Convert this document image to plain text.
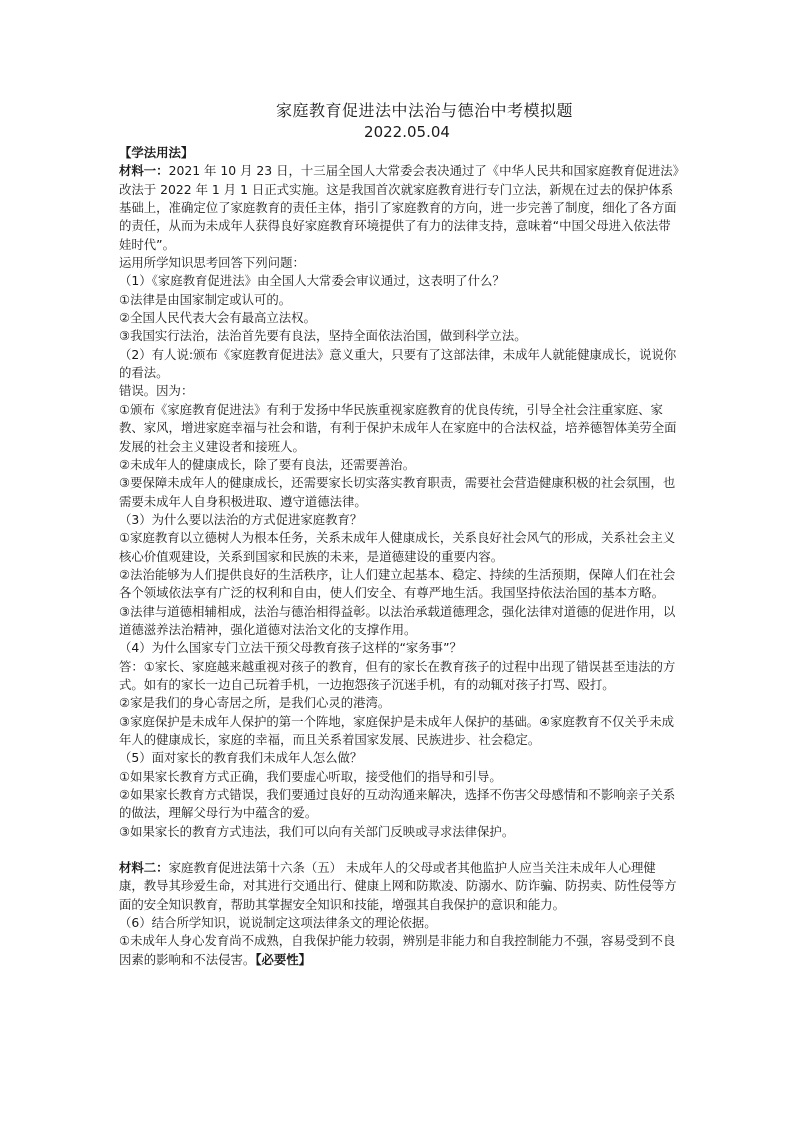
家庭教育促进法中法治与德治中考模拟题
2022.05.04

【学法用法】

材料一：2021 年 10 月 23 日，十三届全国人大常委会表决通过了《中华人民共和国家庭教育促进法》改法于 2022 年 1 月 1 日正式实施。这是我国首次就家庭教育进行专门立法，新规在过去的保护体系基础上，准确定位了家庭教育的责任主体，指引了家庭教育的方向，进一步完善了制度，细化了各方面的责任，从而为未成年人获得良好家庭教育环境提供了有力的法律支持，意味着“中国父母进入依法带娃时代”。

运用所学知识思考回答下列问题：

（1）《家庭教育促进法》由全国人大常委会审议通过，这表明了什么？

①法律是由国家制定或认可的。

②全国人民代表大会有最高立法权。

③我国实行法治，法治首先要有良法，坚持全面依法治国，做到科学立法。

（2）有人说:颁布《家庭教育促进法》意义重大，只要有了这部法律，未成年人就能健康成长，说说你的看法。

错误。因为：

①颁布《家庭教育促进法》有利于发扬中华民族重视家庭教育的优良传统，引导全社会注重家庭、家教、家风，增进家庭幸福与社会和谐，有利于保护未成年人在家庭中的合法权益，培养德智体美劳全面发展的社会主义建设者和接班人。

②未成年人的健康成长，除了要有良法，还需要善治。

③要保障未成年人的健康成长，还需要家长切实落实教育职责，需要社会营造健康积极的社会氛围，也需要未成年人自身积极进取、遵守道德法律。

（3）为什么要以法治的方式促进家庭教育？

①家庭教育以立德树人为根本任务，关系未成年人健康成长，关系良好社会风气的形成，关系社会主义核心价值观建设，关系到国家和民族的未来，是道德建设的重要内容。

②法治能够为人们提供良好的生活秩序，让人们建立起基本、稳定、持续的生活预期，保障人们在社会各个领域依法享有广泛的权利和自由，使人们安全、有尊严地生活。我国坚持依法治国的基本方略。

③法律与道德相辅相成，法治与德治相得益彰。以法治承载道德理念，强化法律对道德的促进作用，以道德滋养法治精神，强化道德对法治文化的支撑作用。

（4）为什么国家专门立法干预父母教育孩子这样的“家务事”？

答：①家长、家庭越来越重视对孩子的教育，但有的家长在教育孩子的过程中出现了错误甚至违法的方式。如有的家长一边自己玩着手机，一边抱怨孩子沉迷手机，有的动辄对孩子打骂、殴打。

②家是我们的身心寄居之所，是我们心灵的港湾。

③家庭保护是未成年人保护的第一个阵地，家庭保护是未成年人保护的基础。④家庭教育不仅关乎未成年人的健康成长，家庭的幸福，而且关系着国家发展、民族进步、社会稳定。

（5）面对家长的教育我们未成年人怎么做？

①如果家长教育方式正确，我们要虚心听取，接受他们的指导和引导。

②如果家长教育方式错误，我们要通过良好的互动沟通来解决，选择不伤害父母感情和不影响亲子关系的做法，理解父母行为中蕴含的爱。

③如果家长的教育方式违法，我们可以向有关部门反映或寻求法律保护。

材料二：家庭教育促进法第十六条（五） 未成年人的父母或者其他监护人应当关注未成年人心理健康，教导其珍爱生命，对其进行交通出行、健康上网和防欺凌、防溺水、防诈骗、防拐卖、防性侵等方面的安全知识教育，帮助其掌握安全知识和技能，增强其自我保护的意识和能力。

（6）结合所学知识，说说制定这项法律条文的理论依据。

①未成年人身心发育尚不成熟，自我保护能力较弱，辨别是非能力和自我控制能力不强，容易受到不良因素的影响和不法侵害。【必要性】
